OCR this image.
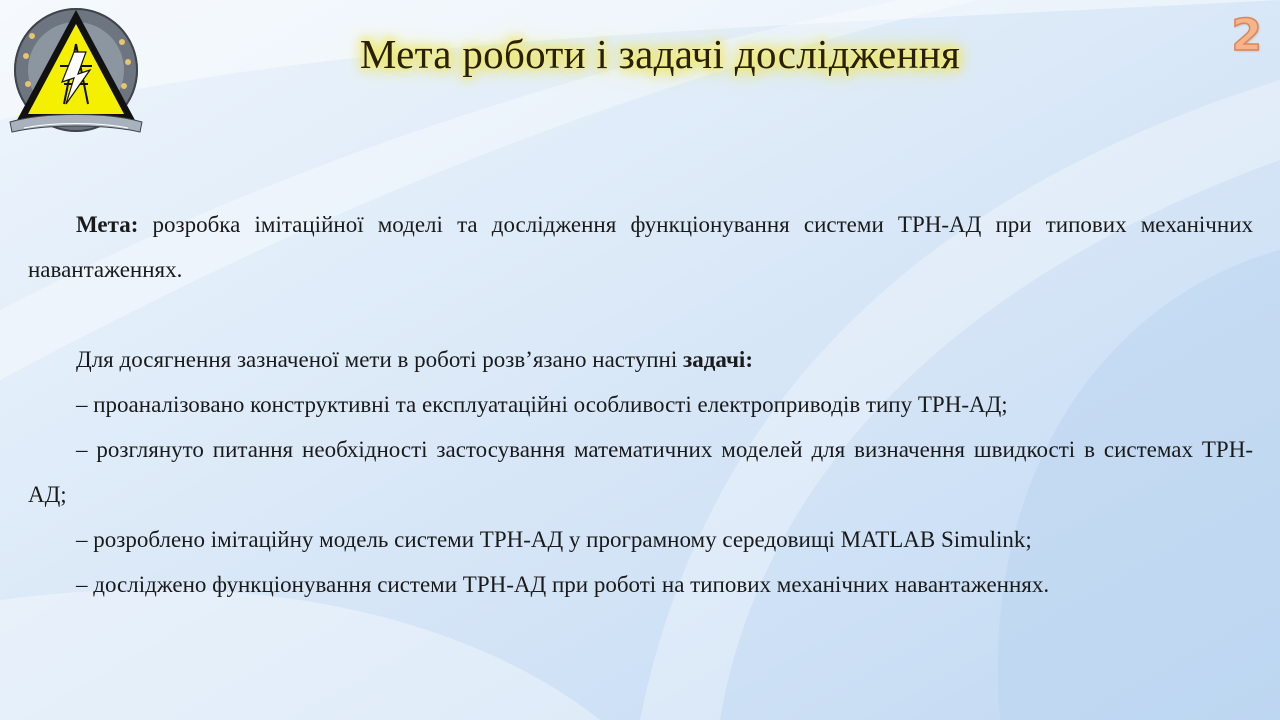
Мета роботи і задачі дослідження	2

Мета: розробка імітаційної моделі та дослідження функціонування системи ТРН-АД при типових механічних навантаженнях.

Для досягнення зазначеної мети в роботі розв’язано наступні задачі:

– проаналізовано конструктивні та експлуатаційні особливості електроприводів типу ТРН-АД;

– розглянуто питання необхідності застосування математичних моделей для визначення швидкості в системах ТРН-АД;

– розроблено імітаційну модель системи ТРН-АД у програмному середовищі MATLAB Simulink;

– досліджено функціонування системи ТРН-АД при роботі на типових механічних навантаженнях.
